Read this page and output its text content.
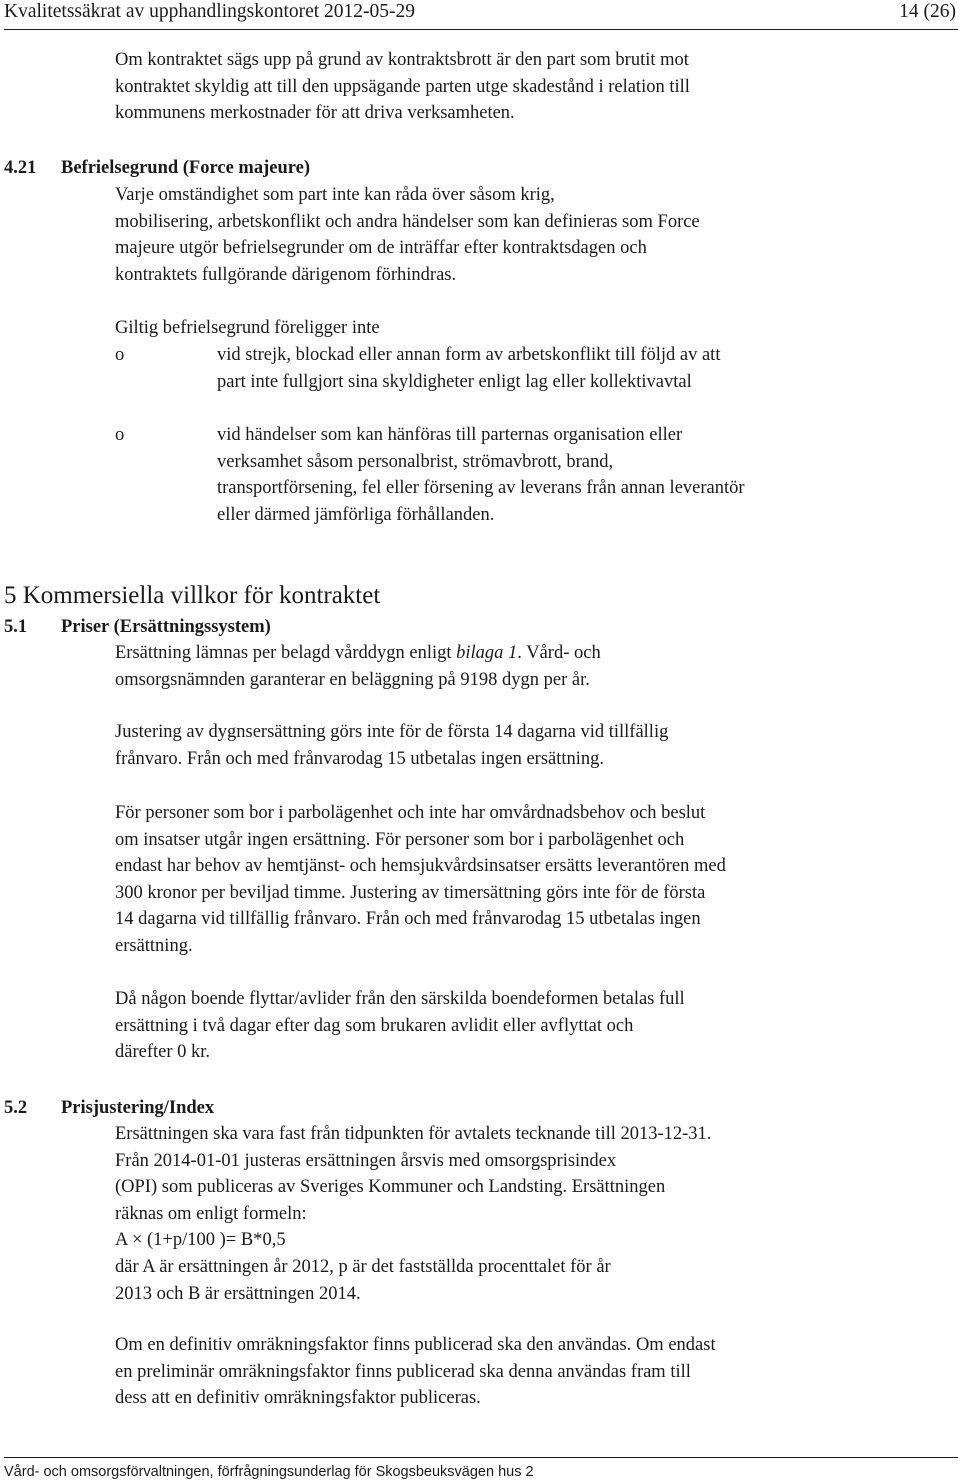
Kvalitetssäkrat av upphandlingskontoret 2012-05-29	14 (26)
Om kontraktet sägs upp på grund av kontraktsbrott är den part som brutit mot
kontraktet skyldig att till den uppsägande parten utge skadestånd i relation till
kommunens merkostnader för att driva verksamheten.
4.21 Befrielsegrund (Force majeure)
Varje omständighet som part inte kan råda över såsom krig,
mobilisering, arbetskonflikt och andra händelser som kan definieras som Force
majeure utgör befrielsegrunder om de inträffar efter kontraktsdagen och
kontraktets fullgörande därigenom förhindras.
Giltig befrielsegrund föreligger inte
o	vid strejk, blockad eller annan form av arbetskonflikt till följd av att
part inte fullgjort sina skyldigheter enligt lag eller kollektivavtal
o	vid händelser som kan hänföras till parternas organisation eller
verksamhet såsom personalbrist, strömavbrott, brand,
transportförsening, fel eller försening av leverans från annan leverantör
eller därmed jämförliga förhållanden.
5 Kommersiella villkor för kontraktet
5.1 Priser (Ersättningssystem)
Ersättning lämnas per belagd vårddygn enligt bilaga 1. Vård- och
omsorgsnämnden garanterar en beläggning på 9198 dygn per år.
Justering av dygnsersättning görs inte för de första 14 dagarna vid tillfällig
frånvaro. Från och med frånvarodag 15 utbetalas ingen ersättning.
För personer som bor i parbolägenhet och inte har omvårdnadsbehov och beslut
om insatser utgår ingen ersättning. För personer som bor i parbolägenhet och
endast har behov av hemtjänst- och hemsjukvårdsinsatser ersätts leverantören med
300 kronor per beviljad timme. Justering av timersättning görs inte för de första
14 dagarna vid tillfällig frånvaro. Från och med frånvarodag 15 utbetalas ingen
ersättning.
Då någon boende flyttar/avlider från den särskilda boendeformen betalas full
ersättning i två dagar efter dag som brukaren avlidit eller avflyttat och
därefter 0 kr.
5.2 Prisjustering/Index
Ersättningen ska vara fast från tidpunkten för avtalets tecknande till 2013-12-31.
Från 2014-01-01 justeras ersättningen årsvis med omsorgsprisindex
(OPI) som publiceras av Sveriges Kommuner och Landsting. Ersättningen
räknas om enligt formeln:
A × (1+p/100 )= B*0,5
där A är ersättningen år 2012, p är det fastställda procenttalet för år
2013 och B är ersättningen 2014.
Om en definitiv omräkningsfaktor finns publicerad ska den användas. Om endast
en preliminär omräkningsfaktor finns publicerad ska denna användas fram till
dess att en definitiv omräkningsfaktor publiceras.
Vård- och omsorgsförvaltningen, förfrågningsunderlag för Skogsbeuksvägen hus 2
